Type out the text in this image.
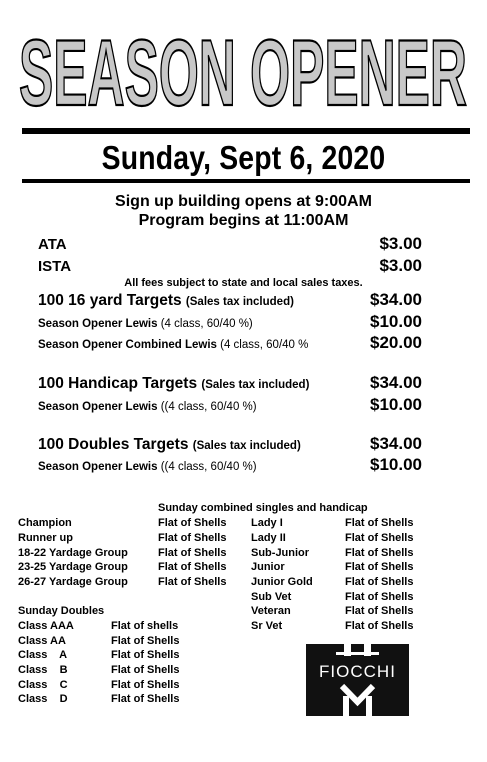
SEASON OPENER
Sunday, Sept 6, 2020
Sign up building opens at 9:00AM
Program begins at 11:00AM
ATA	$3.00
ISTA	$3.00
All fees subject to state and local sales taxes.
100 16 yard Targets (Sales tax included)	$34.00
Season Opener Lewis (4 class, 60/40 %)	$10.00
Season Opener Combined Lewis (4 class, 60/40 %	$20.00
100 Handicap Targets (Sales tax included)	$34.00
Season Opener Lewis ((4 class, 60/40 %)	$10.00
100 Doubles Targets (Sales tax included)	$34.00
Season Opener Lewis ((4 class, 60/40 %)	$10.00
Sunday combined singles and handicap
Champion	Flat of Shells
Runner up	Flat of Shells
18-22 Yardage Group	Flat of Shells
23-25 Yardage Group	Flat of Shells
26-27 Yardage Group	Flat of Shells
Lady I	Flat of Shells
Lady II	Flat of Shells
Sub-Junior	Flat of Shells
Junior	Flat of Shells
Junior Gold	Flat of Shells
Sub Vet	Flat of Shells
Veteran	Flat of Shells
Sr Vet	Flat of Shells
Sunday Doubles
Class AAA	Flat of shells
Class AA	Flat of Shells
Class    A	Flat of Shells
Class    B	Flat of Shells
Class    C	Flat of Shells
Class    D	Flat of Shells
FIOCCHI
